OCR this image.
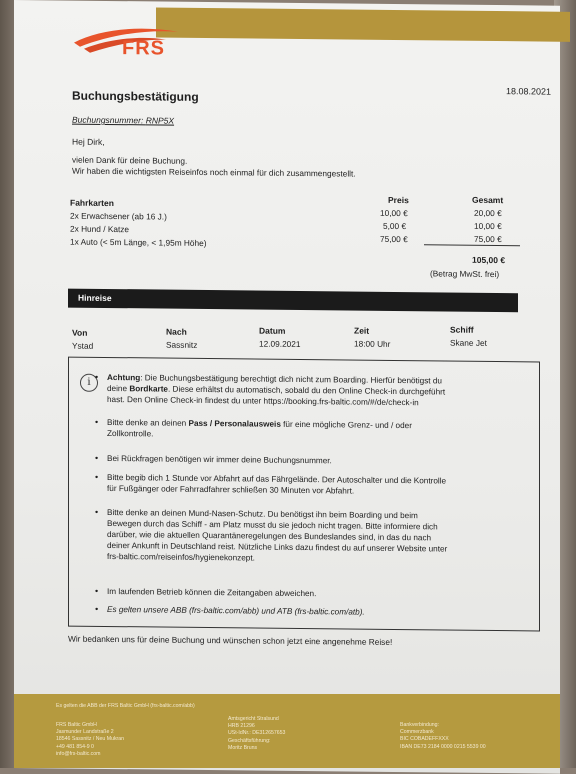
FRS
18.08.2021
Buchungsbestätigung
Buchungsnummer: RNP5X
Hej Dirk,
vielen Dank für deine Buchung.
Wir haben die wichtigsten Reiseinfos noch einmal für dich zusammengestellt.
Preis	Gesamt
Fahrkarten
2x Erwachsener (ab 16 J.)	10,00 €	20,00 €
2x Hund / Katze	5,00 €	10,00 €
1x Auto (< 5m Länge, < 1,95m Höhe)	75,00 €	75,00 €
105,00 €
(Betrag MwSt. frei)
Hinreise
Von	Nach	Datum	Zeit	Schiff
Ystad	Sassnitz	12.09.2021	18:00 Uhr	Skane Jet
i
•	Achtung: Die Buchungsbestätigung berechtigt dich nicht zum Boarding. Hierfür benötigst du
deine Bordkarte. Diese erhältst du automatisch, sobald du den Online Check-in durchgeführt
hast. Den Online Check-in findest du unter https://booking.frs-baltic.com/#/de/check-in
• Bitte denke an deinen Pass / Personalausweis für eine mögliche Grenz- und / oder
Zollkontrolle.
• Bei Rückfragen benötigen wir immer deine Buchungsnummer.
• Bitte begib dich 1 Stunde vor Abfahrt auf das Fährgelände. Der Autoschalter und die Kontrolle
für Fußgänger oder Fahrradfahrer schließen 30 Minuten vor Abfahrt.
• Bitte denke an deinen Mund-Nasen-Schutz. Du benötigst ihn beim Boarding und beim
Bewegen durch das Schiff - am Platz musst du sie jedoch nicht tragen. Bitte informiere dich
darüber, wie die aktuellen Quarantäneregelungen des Bundeslandes sind, in das du nach
deiner Ankunft in Deutschland reist. Nützliche Links dazu findest du auf unserer Website unter
frs-baltic.com/reiseinfos/hygienekonzept.
• Im laufenden Betrieb können die Zeitangaben abweichen.
• Es gelten unsere ABB (frs-baltic.com/abb) und ATB (frs-baltic.com/atb).
Wir bedanken uns für deine Buchung und wünschen schon jetzt eine angenehme Reise!
Es gelten die ABB der FRS Baltic GmbH (frs-baltic.com/abb)
FRS Baltic GmbH
Jasmunder Landstraße 2
18546 Sassnitz / Neu Mukran
+49 481 854-9 0
info@frs-baltic.com
Amtsgericht Stralsund
HRB 21296
USt-IdNr.: DE312657653
Geschäftsführung:
Moritz Bruns
Bankverbindung:
Commerzbank
BIC COBADEFFXXX
IBAN DE73 2184 0000 0215 5539 00
